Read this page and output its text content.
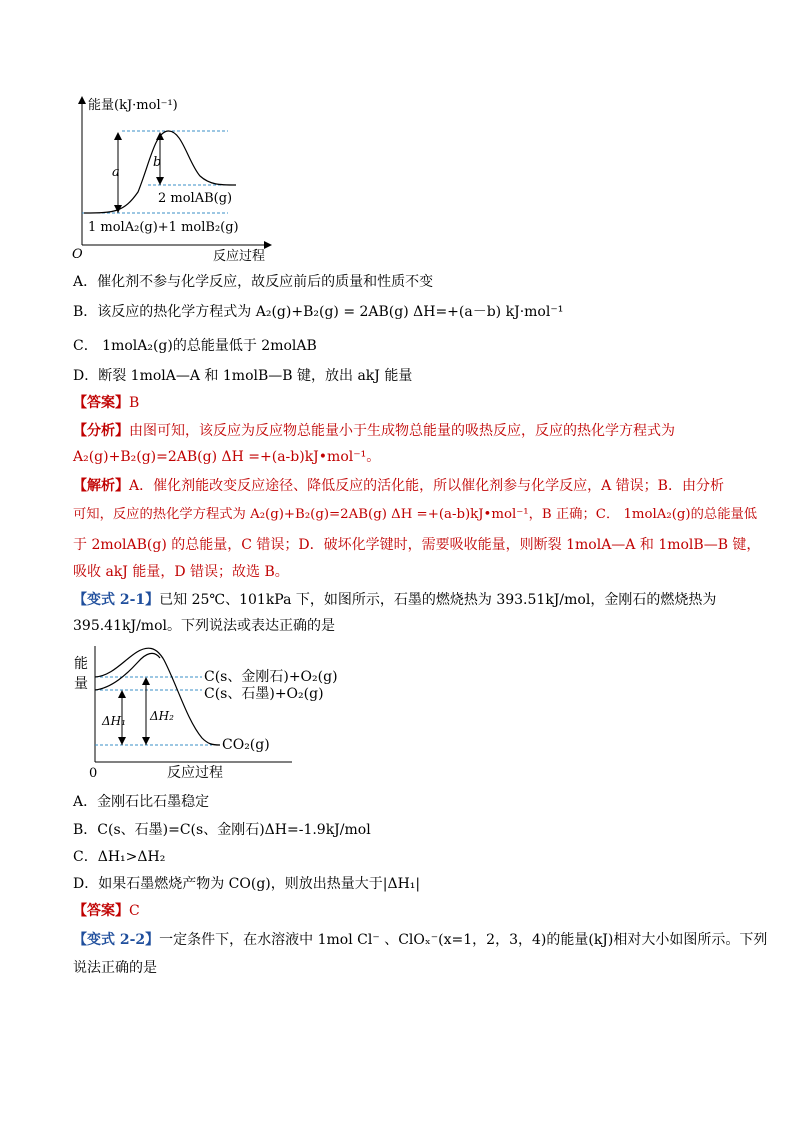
a
b
能量(kJ·mol⁻¹)
O	反应过程
2 molAB(g)
1 molA₂(g)+1 molB₂(g)
A．催化剂不参与化学反应，故反应前后的质量和性质不变
B．该反应的热化学方程式为 A₂(g)+B₂(g) = 2AB(g) ΔH=+(a－b) kJ·mol⁻¹
C． 1molA₂(g)的总能量低于 2molAB
D．断裂 1molA—A 和 1molB—B 键，放出 akJ 能量
【答案】B
【分析】由图可知，该反应为反应物总能量小于生成物总能量的吸热反应，反应的热化学方程式为
A₂(g)+B₂(g)=2AB(g) ΔH =+(a-b)kJ•mol⁻¹。
【解析】A．催化剂能改变反应途径、降低反应的活化能，所以催化剂参与化学反应，A 错误；B．由分析
可知，反应的热化学方程式为 A₂(g)+B₂(g)=2AB(g) ΔH =+(a-b)kJ•mol⁻¹，B 正确；C． 1molA₂(g)的总能量低
于 2molAB(g) 的总能量，C 错误；D．破坏化学键时，需要吸收能量，则断裂 1molA—A 和 1molB—B 键，
吸收 akJ 能量，D 错误；故选 B。
【变式 2-1】已知 25℃、101kPa 下，如图所示，石墨的燃烧热为 393.51kJ/mol，金刚石的燃烧热为
395.41kJ/mol。下列说法或表达正确的是
能
量
ΔH₁ ΔH₂
C(s、金刚石)+O₂(g)
C(s、石墨)+O₂(g)
CO₂(g)
0	反应过程
A．金刚石比石墨稳定
B．C(s、石墨)=C(s、金刚石)ΔH=-1.9kJ/mol
C．ΔH₁>ΔH₂
D．如果石墨燃烧产物为 CO(g)，则放出热量大于|ΔH₁|
【答案】C
【变式 2-2】一定条件下，在水溶液中 1mol Cl⁻ 、ClOₓ⁻(x=1，2，3，4)的能量(kJ)相对大小如图所示。下列
说法正确的是
